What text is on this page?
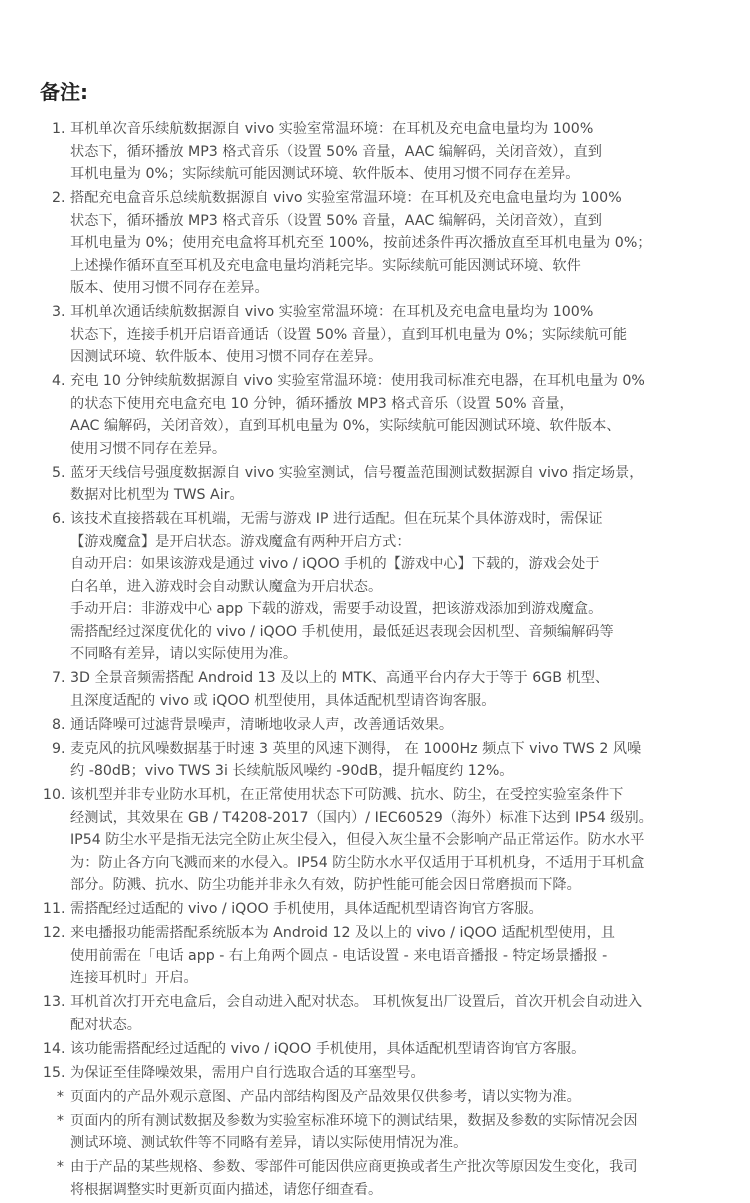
备注:
1. 耳机单次音乐续航数据源自 vivo 实验室常温环境：在耳机及充电盒电量均为 100%
状态下，循环播放 MP3 格式音乐（设置 50% 音量，AAC 编解码，关闭音效），直到
耳机电量为 0%；实际续航可能因测试环境、软件版本、使用习惯不同存在差异。
2. 搭配充电盒音乐总续航数据源自 vivo 实验室常温环境：在耳机及充电盒电量均为 100%
状态下，循环播放 MP3 格式音乐（设置 50% 音量，AAC 编解码，关闭音效），直到
耳机电量为 0%；使用充电盒将耳机充至 100%，按前述条件再次播放直至耳机电量为 0%；
上述操作循环直至耳机及充电盒电量均消耗完毕。实际续航可能因测试环境、软件
版本、使用习惯不同存在差异。
3. 耳机单次通话续航数据源自 vivo 实验室常温环境：在耳机及充电盒电量均为 100%
状态下，连接手机开启语音通话（设置 50% 音量），直到耳机电量为 0%；实际续航可能
因测试环境、软件版本、使用习惯不同存在差异。
4. 充电 10 分钟续航数据源自 vivo 实验室常温环境：使用我司标准充电器，在耳机电量为 0%
的状态下使用充电盒充电 10 分钟，循环播放 MP3 格式音乐（设置 50% 音量，
AAC 编解码，关闭音效），直到耳机电量为 0%，实际续航可能因测试环境、软件版本、
使用习惯不同存在差异。
5. 蓝牙天线信号强度数据源自 vivo 实验室测试，信号覆盖范围测试数据源自 vivo 指定场景，
数据对比机型为 TWS Air。
6. 该技术直接搭载在耳机端，无需与游戏 IP 进行适配。但在玩某个具体游戏时，需保证
【游戏魔盒】是开启状态。游戏魔盒有两种开启方式：
自动开启：如果该游戏是通过 vivo / iQOO 手机的【游戏中心】下载的，游戏会处于
白名单，进入游戏时会自动默认魔盒为开启状态。
手动开启：非游戏中心 app 下载的游戏，需要手动设置，把该游戏添加到游戏魔盒。
需搭配经过深度优化的 vivo / iQOO 手机使用，最低延迟表现会因机型、音频编解码等
不同略有差异，请以实际使用为准。
7. 3D 全景音频需搭配 Android 13 及以上的 MTK、高通平台内存大于等于 6GB 机型、
且深度适配的 vivo 或 iQOO 机型使用，具体适配机型请咨询客服。
8. 通话降噪可过滤背景噪声，清晰地收录人声，改善通话效果。
9. 麦克风的抗风噪数据基于时速 3 英里的风速下测得， 在 1000Hz 频点下 vivo TWS 2 风噪
约 -80dB；vivo TWS 3i 长续航版风噪约 -90dB，提升幅度约 12%。
10. 该机型并非专业防水耳机，在正常使用状态下可防溅、抗水、防尘，在受控实验室条件下
经测试，其效果在 GB / T4208-2017（国内）/ IEC60529（海外）标准下达到 IP54 级别。
IP54 防尘水平是指无法完全防止灰尘侵入，但侵入灰尘量不会影响产品正常运作。防水水平
为：防止各方向飞溅而来的水侵入。IP54 防尘防水水平仅适用于耳机机身，不适用于耳机盒
部分。防溅、抗水、防尘功能并非永久有效，防护性能可能会因日常磨损而下降。
11. 需搭配经过适配的 vivo / iQOO 手机使用，具体适配机型请咨询官方客服。
12. 来电播报功能需搭配系统版本为 Android 12 及以上的 vivo / iQOO 适配机型使用，且
使用前需在「电话 app - 右上角两个圆点 - 电话设置 - 来电语音播报 - 特定场景播报 -
连接耳机时」开启。
13. 耳机首次打开充电盒后，会自动进入配对状态。 耳机恢复出厂设置后，首次开机会自动进入
配对状态。
14. 该功能需搭配经过适配的 vivo / iQOO 手机使用，具体适配机型请咨询官方客服。
15. 为保证至佳降噪效果，需用户自行选取合适的耳塞型号。
* 页面内的产品外观示意图、产品内部结构图及产品效果仅供参考，请以实物为准。
* 页面内的所有测试数据及参数为实验室标准环境下的测试结果，数据及参数的实际情况会因
测试环境、测试软件等不同略有差异，请以实际使用情况为准。
* 由于产品的某些规格、参数、零部件可能因供应商更换或者生产批次等原因发生变化，我司
将根据调整实时更新页面内描述，请您仔细查看。
